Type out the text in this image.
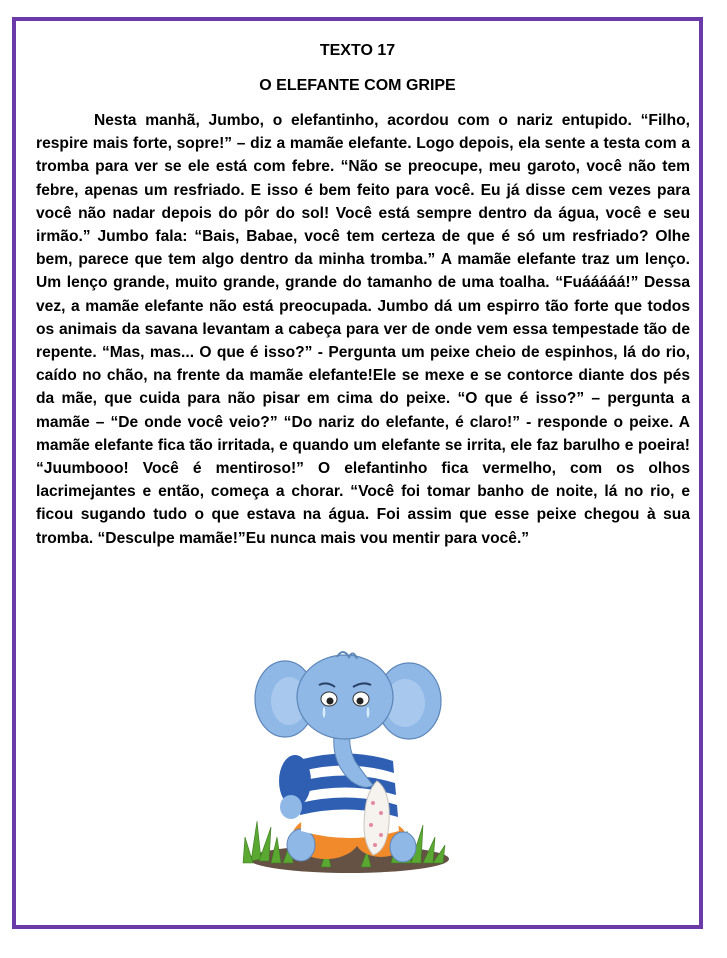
TEXTO 17
O ELEFANTE COM GRIPE

Nesta manhã, Jumbo, o elefantinho, acordou com o nariz entupido. “Filho, respire mais forte, sopre!” – diz a mamãe elefante. Logo depois, ela sente a testa com a tromba para ver se ele está com febre. “Não se preocupe, meu garoto, você não tem febre, apenas um resfriado. E isso é bem feito para você. Eu já disse cem vezes para você não nadar depois do pôr do sol! Você está sempre dentro da água, você e seu irmão.” Jumbo fala: “Bais, Babae, você tem certeza de que é só um resfriado? Olhe bem, parece que tem algo dentro da minha tromba.” A mamãe elefante traz um lenço. Um lenço grande, muito grande, grande do tamanho de uma toalha. “Fuááááá!” Dessa vez, a mamãe elefante não está preocupada. Jumbo dá um espirro tão forte que todos os animais da savana levantam a cabeça para ver de onde vem essa tempestade tão de repente. “Mas, mas... O que é isso?” - Pergunta um peixe cheio de espinhos, lá do rio, caído no chão, na frente da mamãe elefante!Ele se mexe e se contorce diante dos pés da mãe, que cuida para não pisar em cima do peixe. “O que é isso?” – pergunta a mamãe – “De onde você veio?” “Do nariz do elefante, é claro!” - responde o peixe. A mamãe elefante fica tão irritada, e quando um elefante se irrita, ele faz barulho e poeira! “Juumbooo! Você é mentiroso!” O elefantinho fica vermelho, com os olhos lacrimejantes e então, começa a chorar. “Você foi tomar banho de noite, lá no rio, e ficou sugando tudo o que estava na água. Foi assim que esse peixe chegou à sua tromba. “Desculpe mamãe!”Eu nunca mais vou mentir para você.”
